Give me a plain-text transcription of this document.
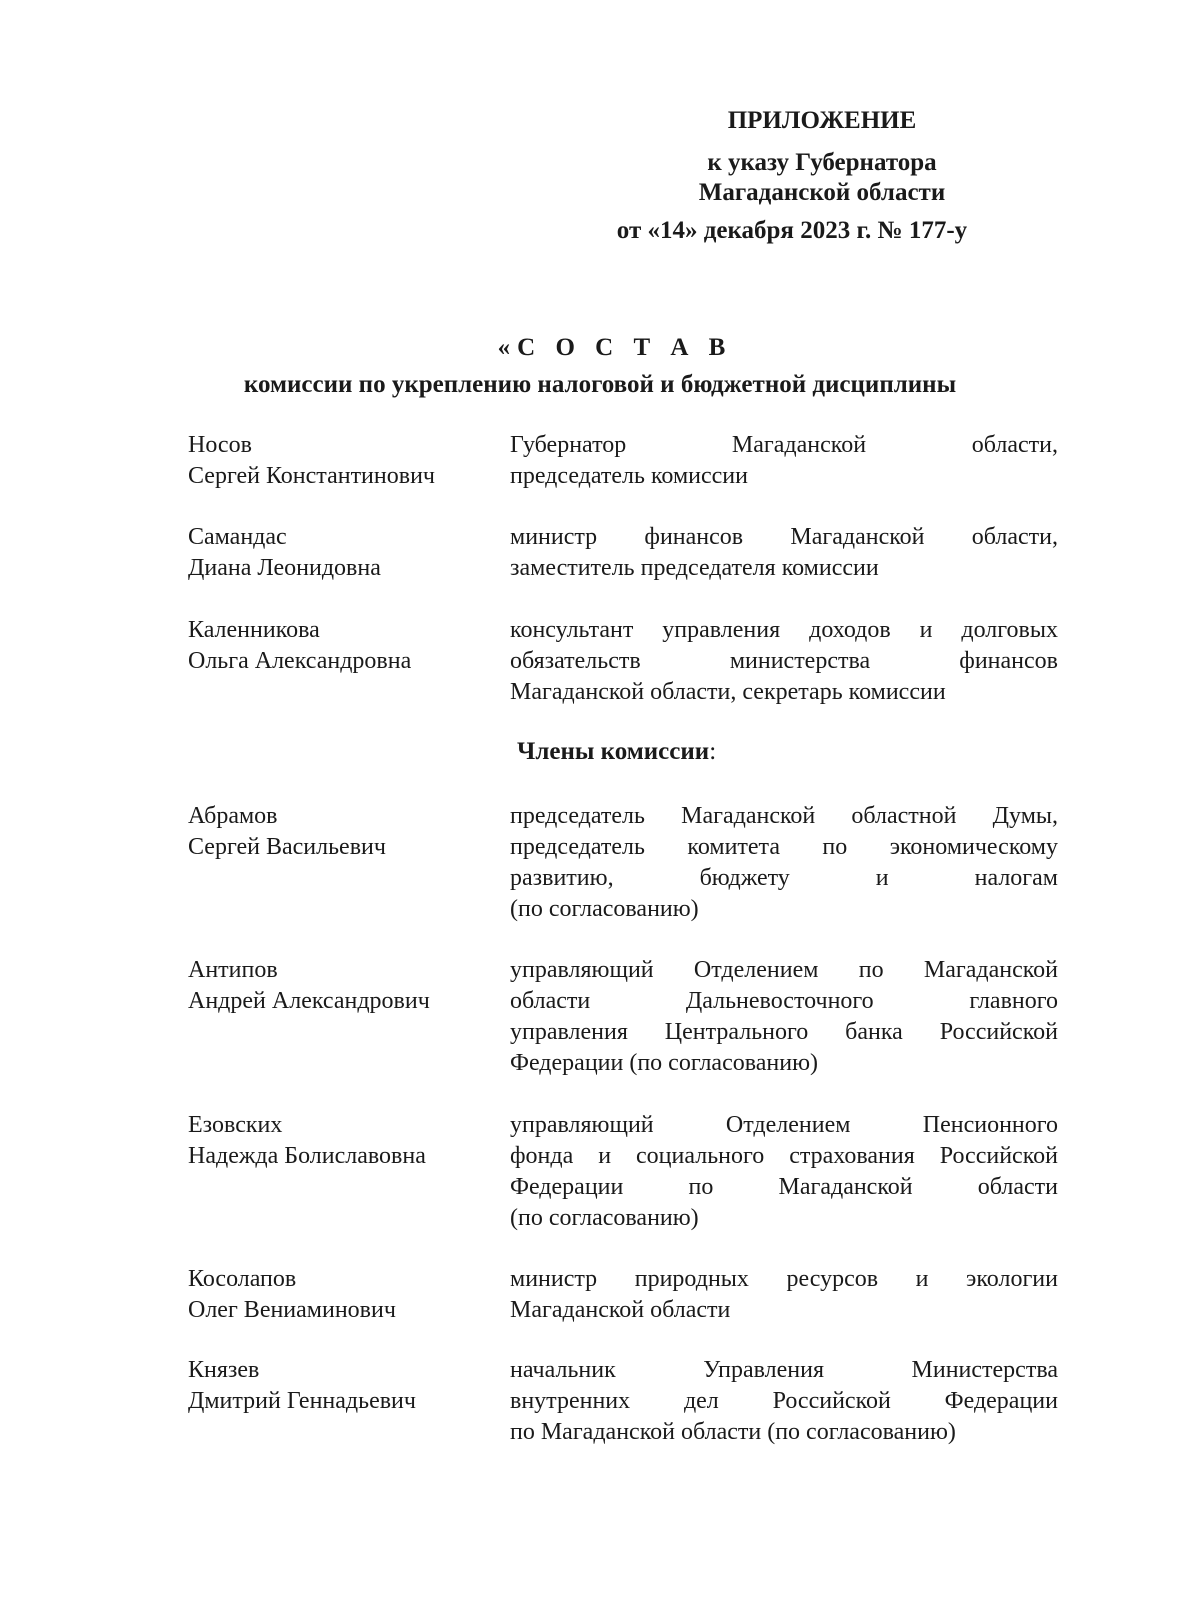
ПРИЛОЖЕНИЕ
к указу Губернатора
Магаданской области
от «14» декабря 2023 г. № 177-у
«С О С Т А В
комиссии по укреплению налоговой и бюджетной дисциплины
Носов
Сергей Константинович
Губернатор Магаданской области,
председатель комиссии
Самандас
Диана Леонидовна
министр финансов Магаданской области,
заместитель председателя комиссии
Каленникова
Ольга Александровна
консультант управления доходов и долговых
обязательств министерства финансов
Магаданской области, секретарь комиссии
Члены комиссии:
Абрамов
Сергей Васильевич
председатель Магаданской областной Думы,
председатель комитета по экономическому
развитию, бюджету и налогам
(по согласованию)
Антипов
Андрей Александрович
управляющий Отделением по Магаданской
области Дальневосточного главного
управления Центрального банка Российской
Федерации (по согласованию)
Езовских
Надежда Болиславовна
управляющий Отделением Пенсионного
фонда и социального страхования Российской
Федерации по Магаданской области
(по согласованию)
Косолапов
Олег Вениаминович
министр природных ресурсов и экологии
Магаданской области
Князев
Дмитрий Геннадьевич
начальник Управления Министерства
внутренних дел Российской Федерации
по Магаданской области (по согласованию)
